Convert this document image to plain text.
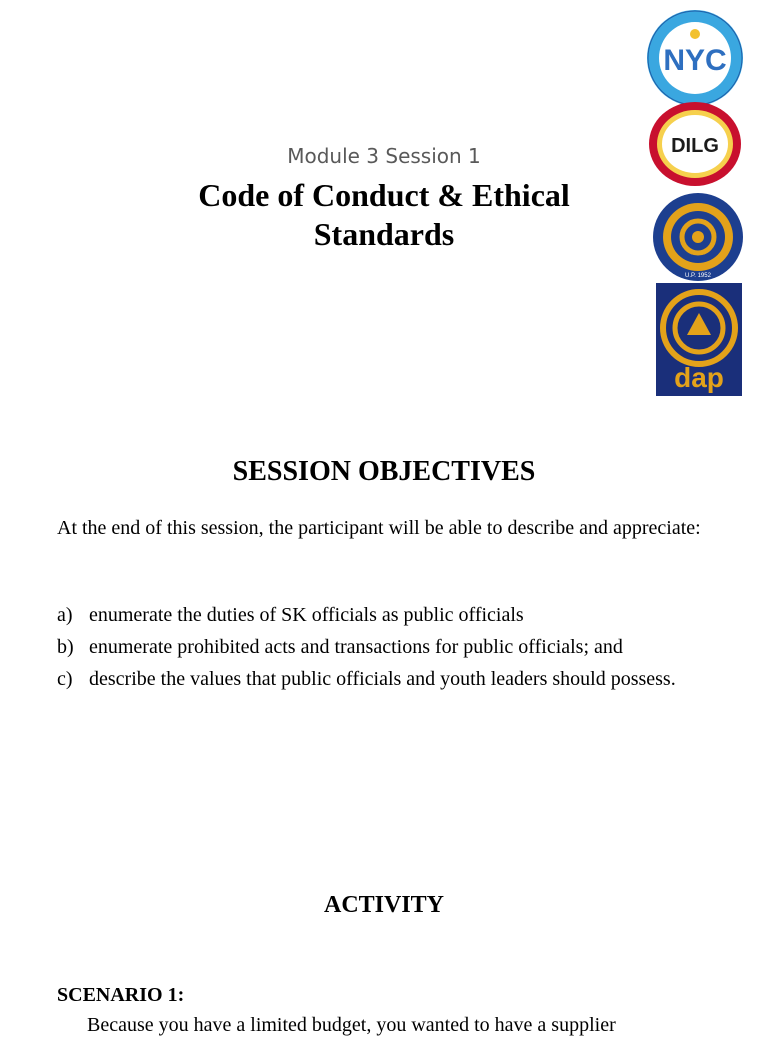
Module 3 Session 1
Code of Conduct & Ethical
Standards
NYC
DILG
U.P. 1952
dap
SESSION OBJECTIVES
At the end of this session, the participant will be able to describe and appreciate:
a) enumerate the duties of SK officials as public officials
b) enumerate prohibited acts and transactions for public officials; and
c) describe the values that public officials and youth leaders should possess.
ACTIVITY
SCENARIO 1:
Because you have a limited budget, you wanted to have a supplier
